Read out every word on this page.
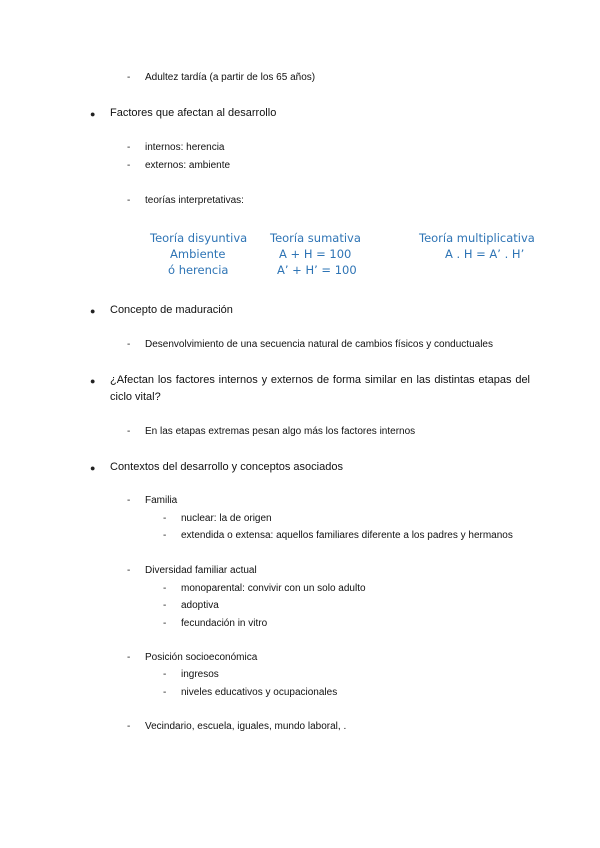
- Adultez tardía (a partir de los 65 años)
● Factores que afectan al desarrollo
- internos: herencia
- externos: ambiente
- teorías interpretativas:
Teoría disyuntiva
Ambiente
ó herencia
Teoría sumativa
A + H = 100
A’ + H’ = 100
Teoría multiplicativa
A . H = A’ . H’
● Concepto de maduración
- Desenvolvimiento de una secuencia natural de cambios físicos y conductuales
● ¿Afectan los factores internos y externos de forma similar en las distintas etapas del ciclo vital?
- En las etapas extremas pesan algo más los factores internos
● Contextos del desarrollo y conceptos asociados
- Familia
- nuclear: la de origen
- extendida o extensa: aquellos familiares diferente a los padres y hermanos
- Diversidad familiar actual
- monoparental: convivir con un solo adulto
- adoptiva
- fecundación in vitro
- Posición socioeconómica
- ingresos
- niveles educativos y ocupacionales
- Vecindario, escuela, iguales, mundo laboral, .
